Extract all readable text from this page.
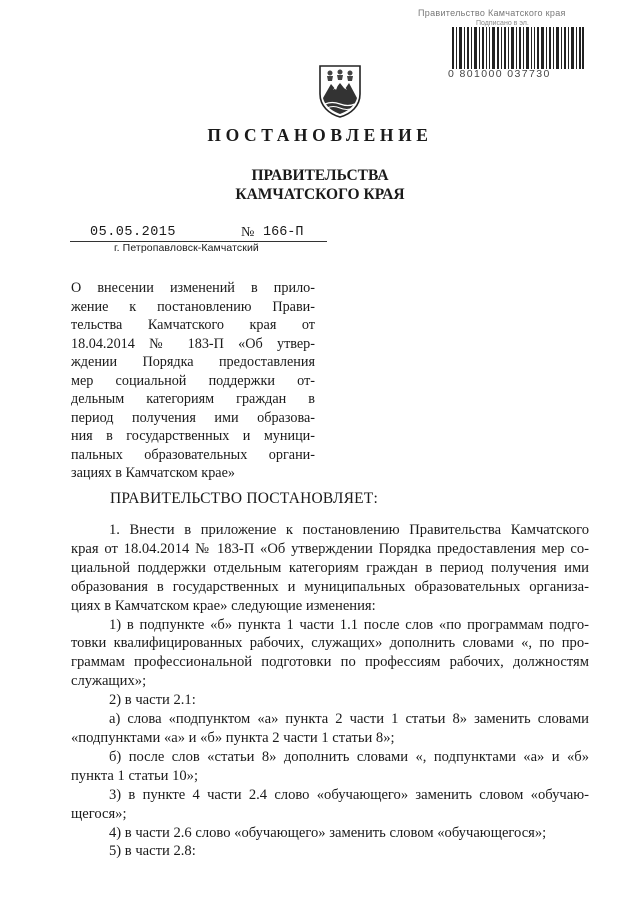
Правительство Камчатского края
Подписано в эл.
0 801000 037730
ПОСТАНОВЛЕНИЕ
ПРАВИТЕЛЬСТВА
КАМЧАТСКОГО КРАЯ
05.05.2015	№ 166-П
г. Петропавловск-Камчатский
О внесении изменений в прило-
жение к постановлению Прави-
тельства Камчатского края от
18.04.2014 № 183-П «Об утвер-
ждении Порядка предоставления
мер социальной поддержки от-
дельным категориям граждан в
период получения ими образова-
ния в государственных и муници-
пальных образовательных органи-
зациях в Камчатском крае»
ПРАВИТЕЛЬСТВО ПОСТАНОВЛЯЕТ:
1. Внести в приложение к постановлению Правительства Камчатского
края от 18.04.2014 № 183-П «Об утверждении Порядка предоставления мер со-
циальной поддержки отдельным категориям граждан в период получения ими
образования в государственных и муниципальных образовательных организа-
циях в Камчатском крае» следующие изменения:
1) в подпункте «б» пункта 1 части 1.1 после слов «по программам подго-
товки квалифицированных рабочих, служащих» дополнить словами «, по про-
граммам профессиональной подготовки по профессиям рабочих, должностям
служащих»;
2) в части 2.1:
а) слова «подпунктом «а» пункта 2 части 1 статьи 8» заменить словами
«подпунктами «а» и «б» пункта 2 части 1 статьи 8»;
б) после слов «статьи 8» дополнить словами «, подпунктами «а» и «б»
пункта 1 статьи 10»;
3) в пункте 4 части 2.4 слово «обучающего» заменить словом «обучаю-
щегося»;
4) в части 2.6 слово «обучающего» заменить словом «обучающегося»;
5) в части 2.8:
